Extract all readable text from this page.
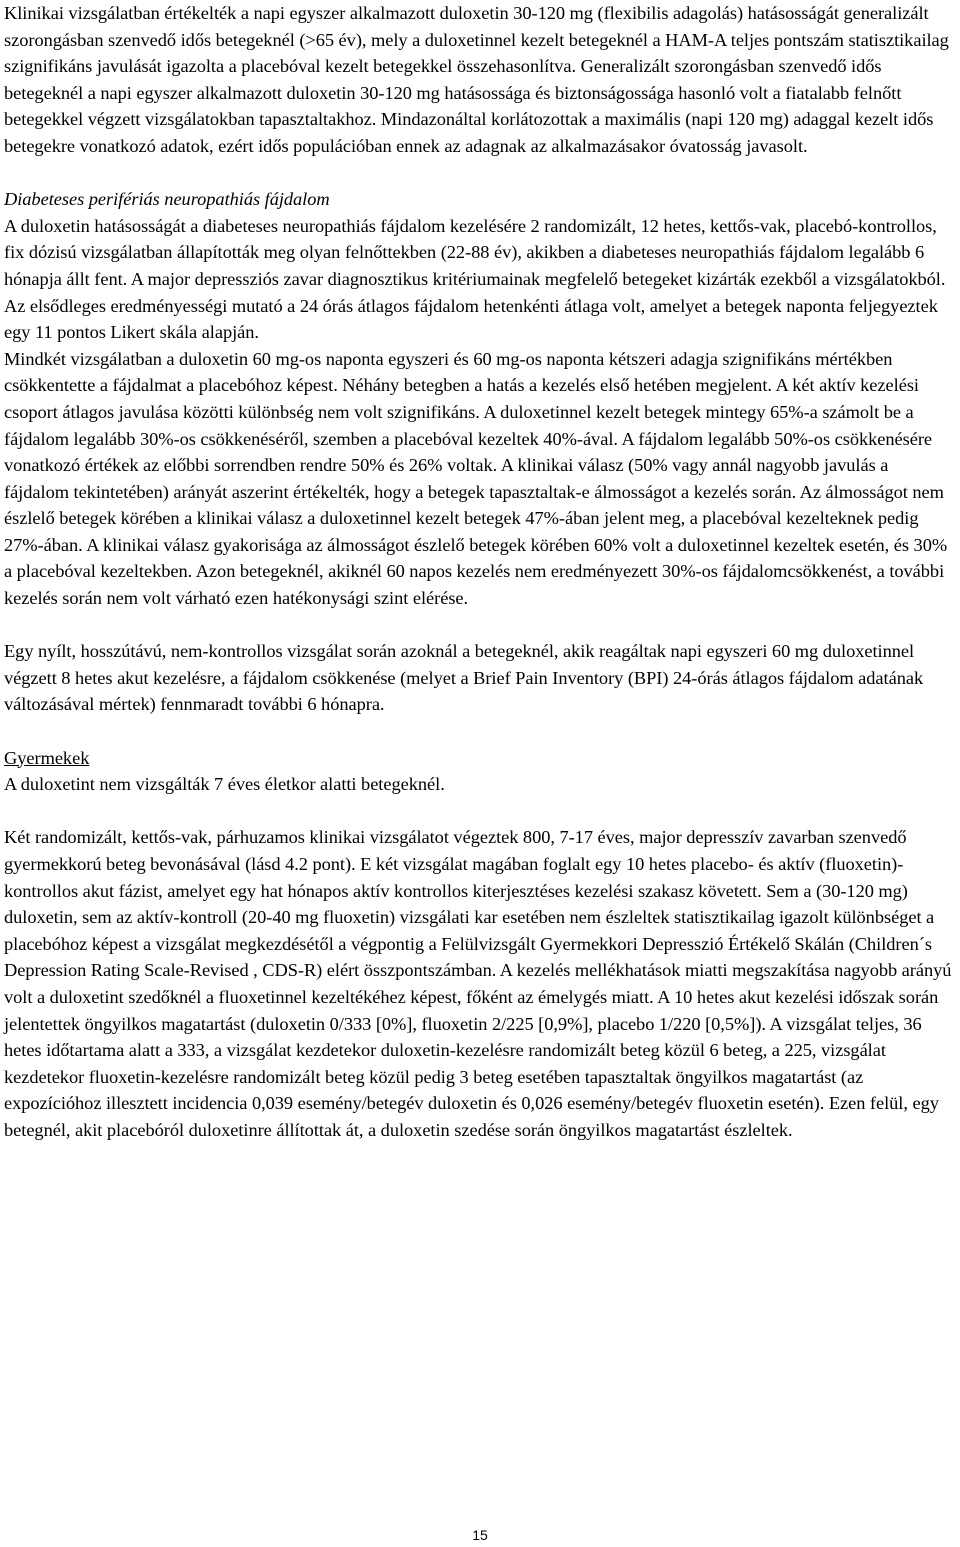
Klinikai vizsgálatban értékelték a napi egyszer alkalmazott duloxetin 30-120 mg (flexibilis adagolás) hatásosságát generalizált szorongásban szenvedő idős betegeknél (>65 év), mely a duloxetinnel kezelt betegeknél a HAM-A teljes pontszám statisztikailag szignifikáns javulását igazolta a placebóval kezelt betegekkel összehasonlítva. Generalizált szorongásban szenvedő idős betegeknél a napi egyszer alkalmazott duloxetin 30-120 mg hatásossága és biztonságossága hasonló volt a fiatalabb felnőtt betegekkel végzett vizsgálatokban tapasztaltakhoz. Mindazonáltal korlátozottak a maximális (napi 120 mg) adaggal kezelt idős betegekre vonatkozó adatok, ezért idős populációban ennek az adagnak az alkalmazásakor óvatosság javasolt.

Diabeteses perifériás neuropathiás fájdalom

A duloxetin hatásosságát a diabeteses neuropathiás fájdalom kezelésére 2 randomizált, 12 hetes, kettős-vak, placebó-kontrollos, fix dózisú vizsgálatban állapították meg olyan felnőttekben (22-88 év), akikben a diabeteses neuropathiás fájdalom legalább 6 hónapja állt fent. A major depressziós zavar diagnosztikus kritériumainak megfelelő betegeket kizárták ezekből a vizsgálatokból. Az elsődleges eredményességi mutató a 24 órás átlagos fájdalom hetenkénti átlaga volt, amelyet a betegek naponta feljegyeztek egy 11 pontos Likert skála alapján.

Mindkét vizsgálatban a duloxetin 60 mg-os naponta egyszeri és 60 mg-os naponta kétszeri adagja szignifikáns mértékben csökkentette a fájdalmat a placebóhoz képest. Néhány betegben a hatás a kezelés első hetében megjelent. A két aktív kezelési csoport átlagos javulása közötti különbség nem volt szignifikáns. A duloxetinnel kezelt betegek mintegy 65%-a számolt be a fájdalom legalább 30%-os csökkenéséről, szemben a placebóval kezeltek 40%-ával. A fájdalom legalább 50%-os csökkenésére vonatkozó értékek az előbbi sorrendben rendre 50% és 26% voltak. A klinikai válasz (50% vagy annál nagyobb javulás a fájdalom tekintetében) arányát aszerint értékelték, hogy a betegek tapasztaltak-e álmosságot a kezelés során. Az álmosságot nem észlelő betegek körében a klinikai válasz a duloxetinnel kezelt betegek 47%-ában jelent meg, a placebóval kezelteknek pedig 27%-ában. A klinikai válasz gyakorisága az álmosságot észlelő betegek körében 60% volt a duloxetinnel kezeltek esetén, és 30% a placebóval kezeltekben. Azon betegeknél, akiknél 60 napos kezelés nem eredményezett 30%-os fájdalomcsökkenést, a további kezelés során nem volt várható ezen hatékonysági szint elérése.

Egy nyílt, hosszútávú, nem-kontrollos vizsgálat során azoknál a betegeknél, akik reagáltak napi egyszeri 60 mg duloxetinnel végzett 8 hetes akut kezelésre, a fájdalom csökkenése (melyet a Brief Pain Inventory (BPI) 24-órás átlagos fájdalom adatának változásával mértek) fennmaradt további 6 hónapra.

Gyermekek

A duloxetint nem vizsgálták 7 éves életkor alatti betegeknél.

Két randomizált, kettős-vak, párhuzamos klinikai vizsgálatot végeztek 800, 7-17 éves, major depresszív zavarban szenvedő gyermekkorú beteg bevonásával (lásd 4.2 pont). E két vizsgálat magában foglalt egy 10 hetes placebo- és aktív (fluoxetin)-kontrollos akut fázist, amelyet egy hat hónapos aktív kontrollos kiterjesztéses kezelési szakasz követett. Sem a (30-120 mg) duloxetin, sem az aktív-kontroll (20-40 mg fluoxetin) vizsgálati kar esetében nem észleltek statisztikailag igazolt különbséget a placebóhoz képest a vizsgálat megkezdésétől a végpontig a Felülvizsgált Gyermekkori Depresszió Értékelő Skálán (Children´s Depression Rating Scale-Revised , CDS-R) elért összpontszámban. A kezelés mellékhatások miatti megszakítása nagyobb arányú volt a duloxetint szedőknél a fluoxetinnel kezeltékéhez képest, főként az émelygés miatt. A 10 hetes akut kezelési időszak során jelentettek öngyilkos magatartást (duloxetin 0/333 [0%], fluoxetin 2/225 [0,9%], placebo 1/220 [0,5%]). A vizsgálat teljes, 36 hetes időtartama alatt a 333, a vizsgálat kezdetekor duloxetin-kezelésre randomizált beteg közül 6 beteg, a 225, vizsgálat kezdetekor fluoxetin-kezelésre randomizált beteg közül pedig 3 beteg esetében tapasztaltak öngyilkos magatartást (az expozícióhoz illesztett incidencia 0,039 esemény/betegév duloxetin és 0,026 esemény/betegév fluoxetin esetén). Ezen felül, egy betegnél, akit placebóról duloxetinre állítottak át, a duloxetin szedése során öngyilkos magatartást észleltek.

15
